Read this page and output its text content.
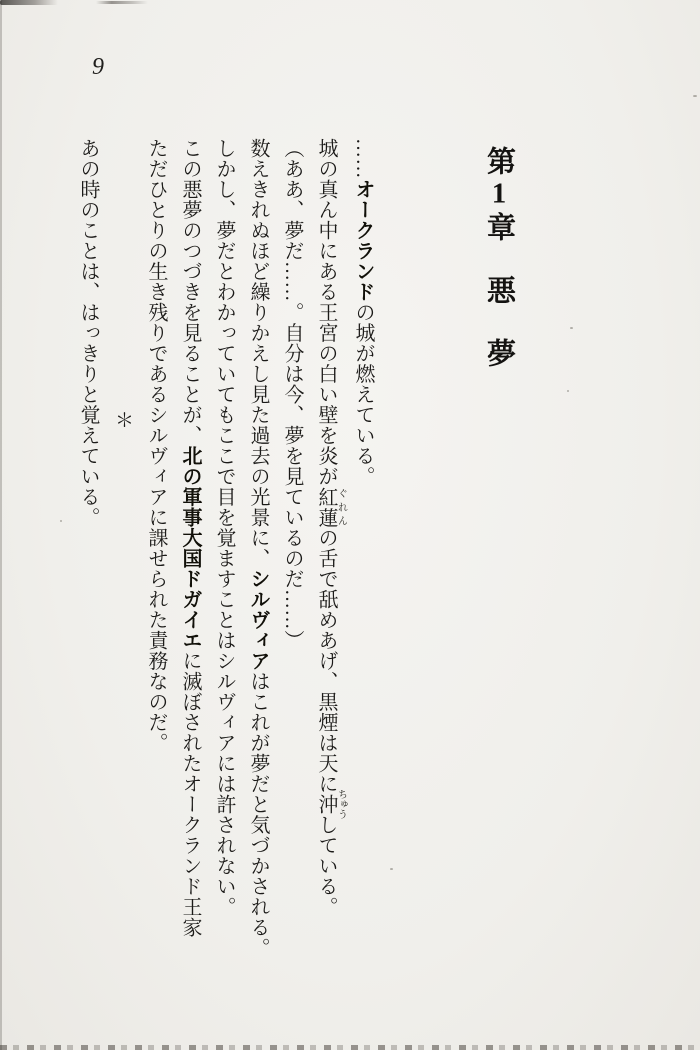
9
第1章　悪　夢

……オークランドの城が燃えている。

城の真ん中にある王宮の白い壁を炎が紅蓮ぐれんの舌で舐めあげ、黒煙は天に沖ちゅうしている。

（ああ、夢だ……。自分は今、夢を見ているのだ……）

数えきれぬほど繰りかえし見た過去の光景に、シルヴィアはこれが夢だと気づかされる。

しかし、夢だとわかっていてもここで目を覚ますことはシルヴィアには許されない。

この悪夢のつづきを見ることが、北の軍事大国ドガイエに滅ぼされたオークランド王家

ただひとりの生き残りであるシルヴィアに課せられた責務なのだ。

＊

あの時のことは、はっきりと覚えている。
